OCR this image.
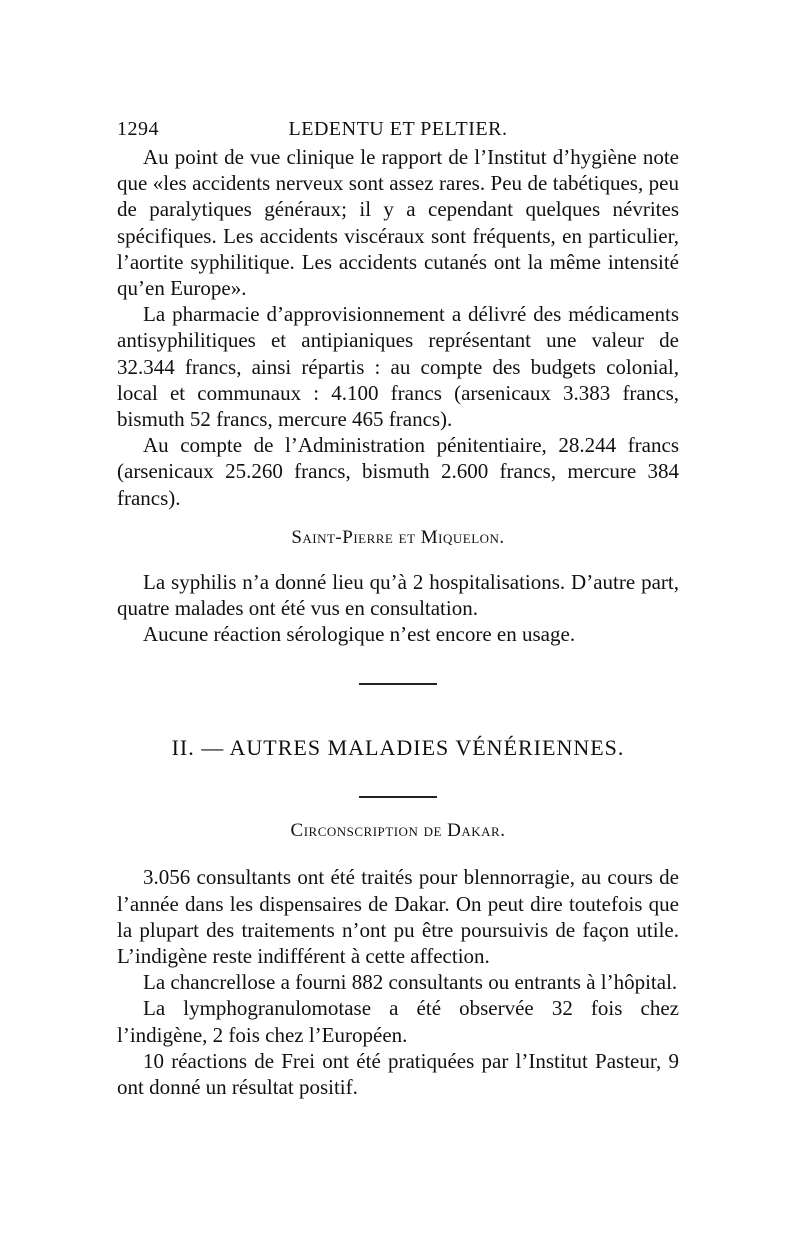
1294	LEDENTU ET PELTIER.

Au point de vue clinique le rapport de l’Institut d’hygiène note que «les accidents nerveux sont assez rares. Peu de tabétiques, peu de paralytiques généraux; il y a cependant quelques névrites spécifiques. Les accidents viscéraux sont fréquents, en particulier, l’aortite syphilitique. Les accidents cutanés ont la même intensité qu’en Europe».

La pharmacie d’approvisionnement a délivré des médicaments antisyphilitiques et antipianiques représentant une valeur de 32.344 francs, ainsi répartis : au compte des budgets colonial, local et communaux : 4.100 francs (arsenicaux 3.383 francs, bismuth 52 francs, mercure 465 francs).

Au compte de l’Administration pénitentiaire, 28.244 francs (arsenicaux 25.260 francs, bismuth 2.600 francs, mercure 384 francs).

Saint-Pierre et Miquelon.

La syphilis n’a donné lieu qu’à 2 hospitalisations. D’autre part, quatre malades ont été vus en consultation.

Aucune réaction sérologique n’est encore en usage.

II. — AUTRES MALADIES VÉNÉRIENNES.
Circonscription de Dakar.

3.056 consultants ont été traités pour blennorragie, au cours de l’année dans les dispensaires de Dakar. On peut dire toutefois que la plupart des traitements n’ont pu être poursuivis de façon utile. L’indigène reste indifférent à cette affection.

La chancrellose a fourni 882 consultants ou entrants à l’hôpital.

La lymphogranulomotase a été observée 32 fois chez l’indigène, 2 fois chez l’Européen.

10 réactions de Frei ont été pratiquées par l’Institut Pasteur, 9 ont donné un résultat positif.
